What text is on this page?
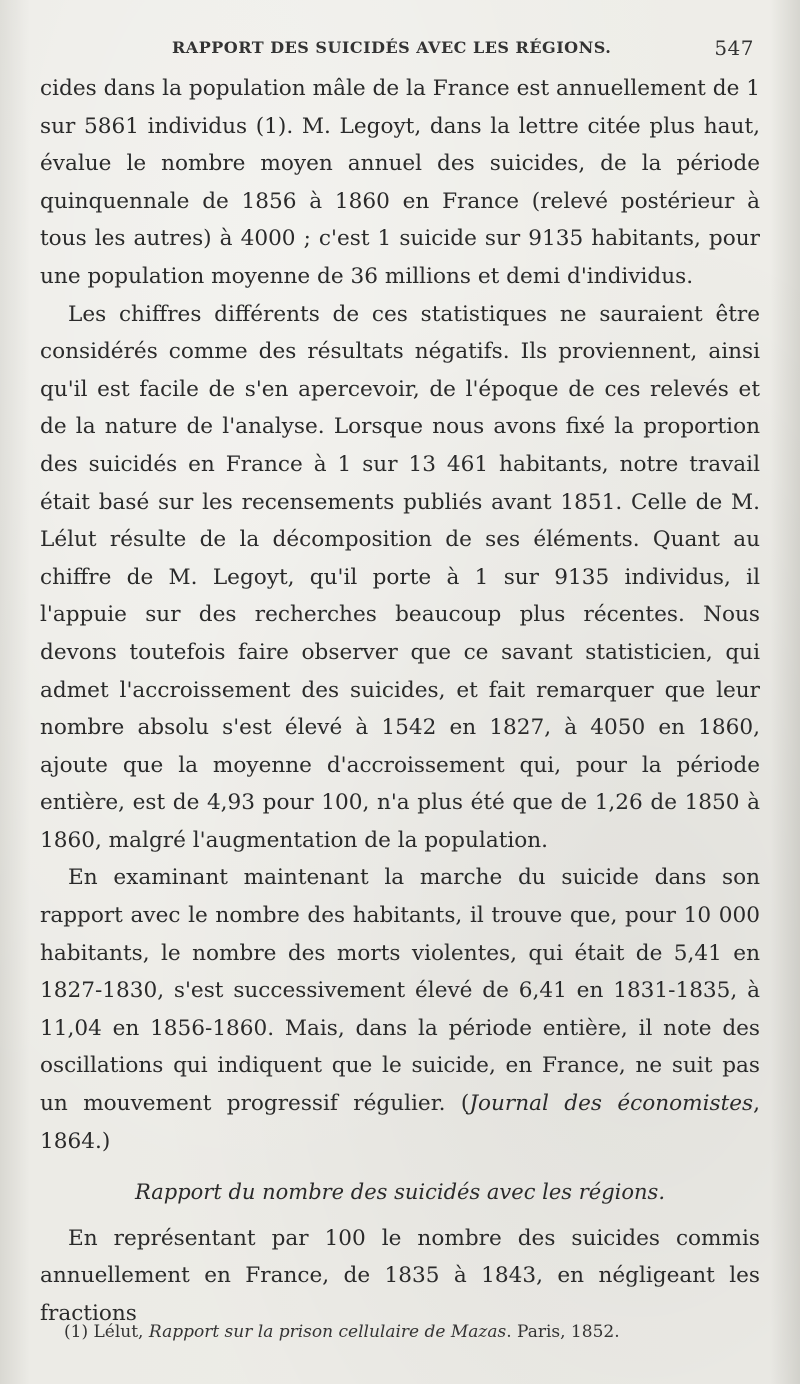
RAPPORT DES SUICIDÉS AVEC LES RÉGIONS.	547

cides dans la population mâle de la France est annuellement de 1 sur 5861 individus (1). M. Legoyt, dans la lettre citée plus haut, évalue le nombre moyen annuel des suicides, de la période quinquennale de 1856 à 1860 en France (relevé postérieur à tous les autres) à 4000 ; c'est 1 suicide sur 9135 habitants, pour une population moyenne de 36 millions et demi d'individus.

Les chiffres différents de ces statistiques ne sauraient être considérés comme des résultats négatifs. Ils proviennent, ainsi qu'il est facile de s'en apercevoir, de l'époque de ces relevés et de la nature de l'analyse. Lorsque nous avons fixé la proportion des suicidés en France à 1 sur 13 461 habitants, notre travail était basé sur les recensements publiés avant 1851. Celle de M. Lélut résulte de la décomposition de ses éléments. Quant au chiffre de M. Legoyt, qu'il porte à 1 sur 9135 individus, il l'appuie sur des recherches beaucoup plus récentes. Nous devons toutefois faire observer que ce savant statisticien, qui admet l'accroissement des suicides, et fait remarquer que leur nombre absolu s'est élevé à 1542 en 1827, à 4050 en 1860, ajoute que la moyenne d'accroissement qui, pour la période entière, est de 4,93 pour 100, n'a plus été que de 1,26 de 1850 à 1860, malgré l'augmentation de la population.

En examinant maintenant la marche du suicide dans son rapport avec le nombre des habitants, il trouve que, pour 10 000 habitants, le nombre des morts violentes, qui était de 5,41 en 1827-1830, s'est successivement élevé de 6,41 en 1831-1835, à 11,04 en 1856-1860. Mais, dans la période entière, il note des oscillations qui indiquent que le suicide, en France, ne suit pas un mouvement progressif régulier. (Journal des économistes, 1864.)

Rapport du nombre des suicidés avec les régions.

En représentant par 100 le nombre des suicides commis annuellement en France, de 1835 à 1843, en négligeant les fractions

(1) Lélut, Rapport sur la prison cellulaire de Mazas. Paris, 1852.
